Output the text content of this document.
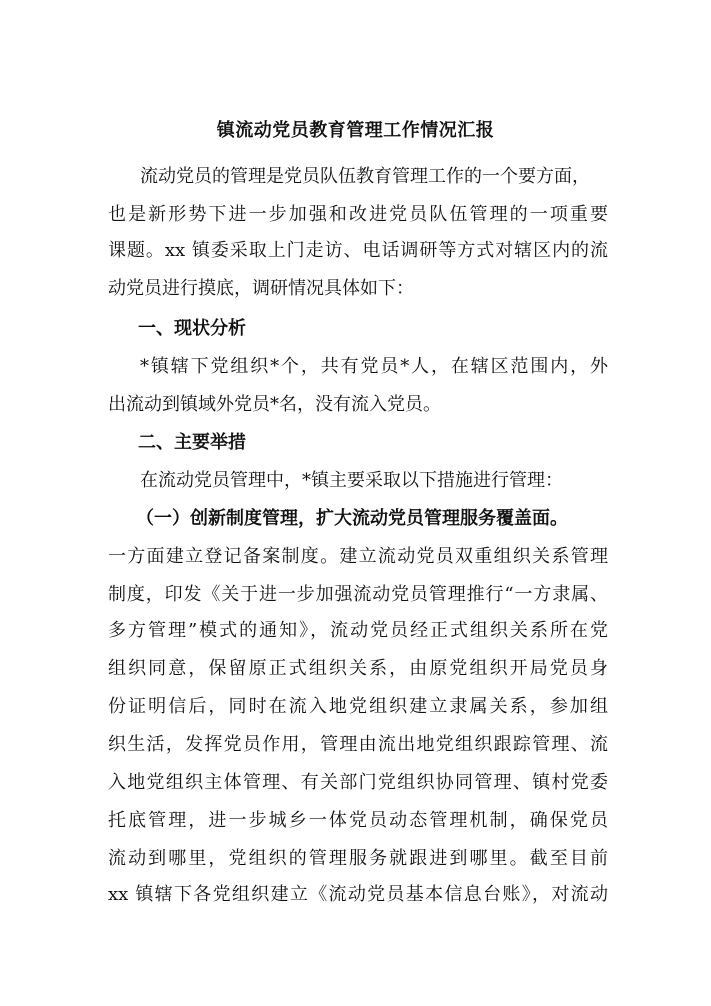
镇流动党员教育管理工作情况汇报
流动党员的管理是党员队伍教育管理工作的一个要方面，
也是新形势下进一步加强和改进党员队伍管理的一项重要
课题。xx 镇委采取上门走访、电话调研等方式对辖区内的流
动党员进行摸底，调研情况具体如下：
一、现状分析
*镇辖下党组织*个，共有党员*人，在辖区范围内，外
出流动到镇域外党员*名，没有流入党员。
二、主要举措
在流动党员管理中，*镇主要采取以下措施进行管理：
（一）创新制度管理，扩大流动党员管理服务覆盖面。
一方面建立登记备案制度。建立流动党员双重组织关系管理
制度，印发《关于进一步加强流动党员管理推行“一方隶属、
多方管理”模式的通知》，流动党员经正式组织关系所在党
组织同意，保留原正式组织关系，由原党组织开局党员身
份证明信后，同时在流入地党组织建立隶属关系，参加组
织生活，发挥党员作用，管理由流出地党组织跟踪管理、流
入地党组织主体管理、有关部门党组织协同管理、镇村党委
托底管理，进一步城乡一体党员动态管理机制，确保党员
流动到哪里，党组织的管理服务就跟进到哪里。截至目前
xx 镇辖下各党组织建立《流动党员基本信息台账》，对流动
